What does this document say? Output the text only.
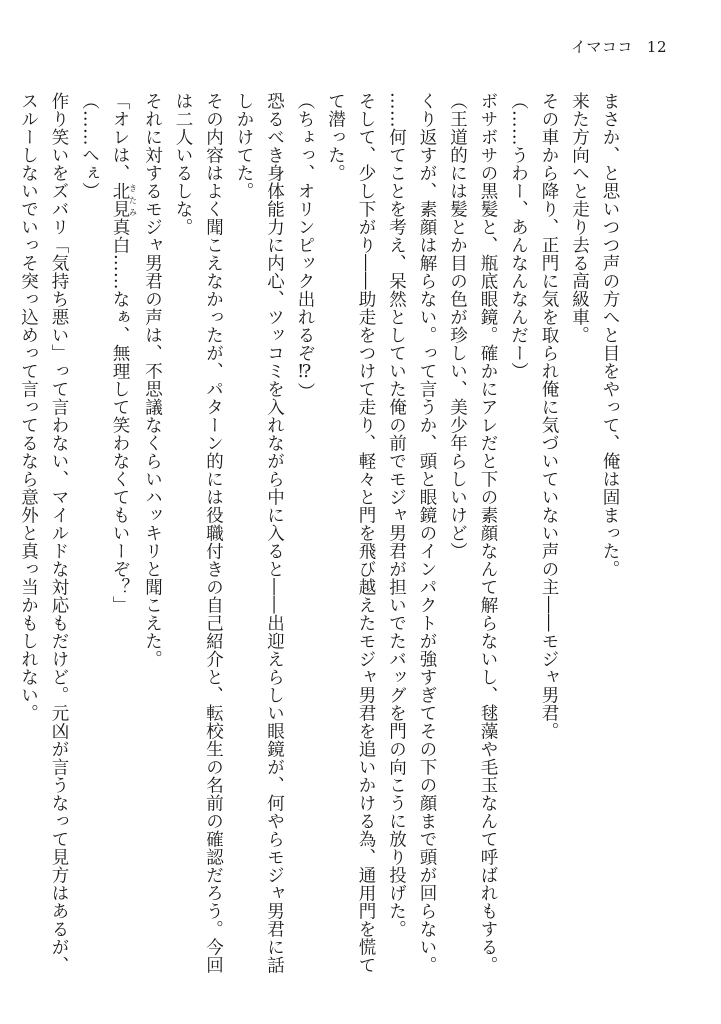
イマココ 12
まさか、と思いつつ声の方へと目をやって、俺は固まった。
来た方向へと走り去る高級車。
その車から降り、正門に気を取られ俺に気づいていない声の主――モジャ男君。
（……うわー、あんなんなんだー）
ボサボサの黒髪と、瓶底眼鏡。確かにアレだと下の素顔なんて解らないし、毬藻や毛玉なんて呼ばれもする。
（王道的には髪とか目の色が珍しい、美少年らしいけど）
くり返すが、素顔は解らない。って言うか、頭と眼鏡のインパクトが強すぎてその下の顔まで頭が回らない。
……何てことを考え、呆然としていた俺の前でモジャ男君が担いでたバッグを門の向こうに放り投げた。
そして、少し下がり――助走をつけて走り、軽々と門を飛び越えたモジャ男君を追いかける為、通用門を慌て
て潜った。
（ちょっ、オリンピック出れるぞ⁉）
恐るべき身体能力に内心、ツッコミを入れながら中に入ると――出迎えらしい眼鏡が、何やらモジャ男君に話
しかけてた。
その内容はよく聞こえなかったが、パターン的には役職付きの自己紹介と、転校生の名前の確認だろう。今回
は二人いるしな。
それに対するモジャ男君の声は、不思議なくらいハッキリと聞こえた。
「オレは、北見きたみ真白……なぁ、無理して笑わなくてもいーぞ？」
（……へぇ）
作り笑いをズバリ「気持ち悪い」って言わない、マイルドな対応もだけど。元凶が言うなって見方はあるが、
スルーしないでいっそ突っ込めって言ってるなら意外と真っ当かもしれない。
